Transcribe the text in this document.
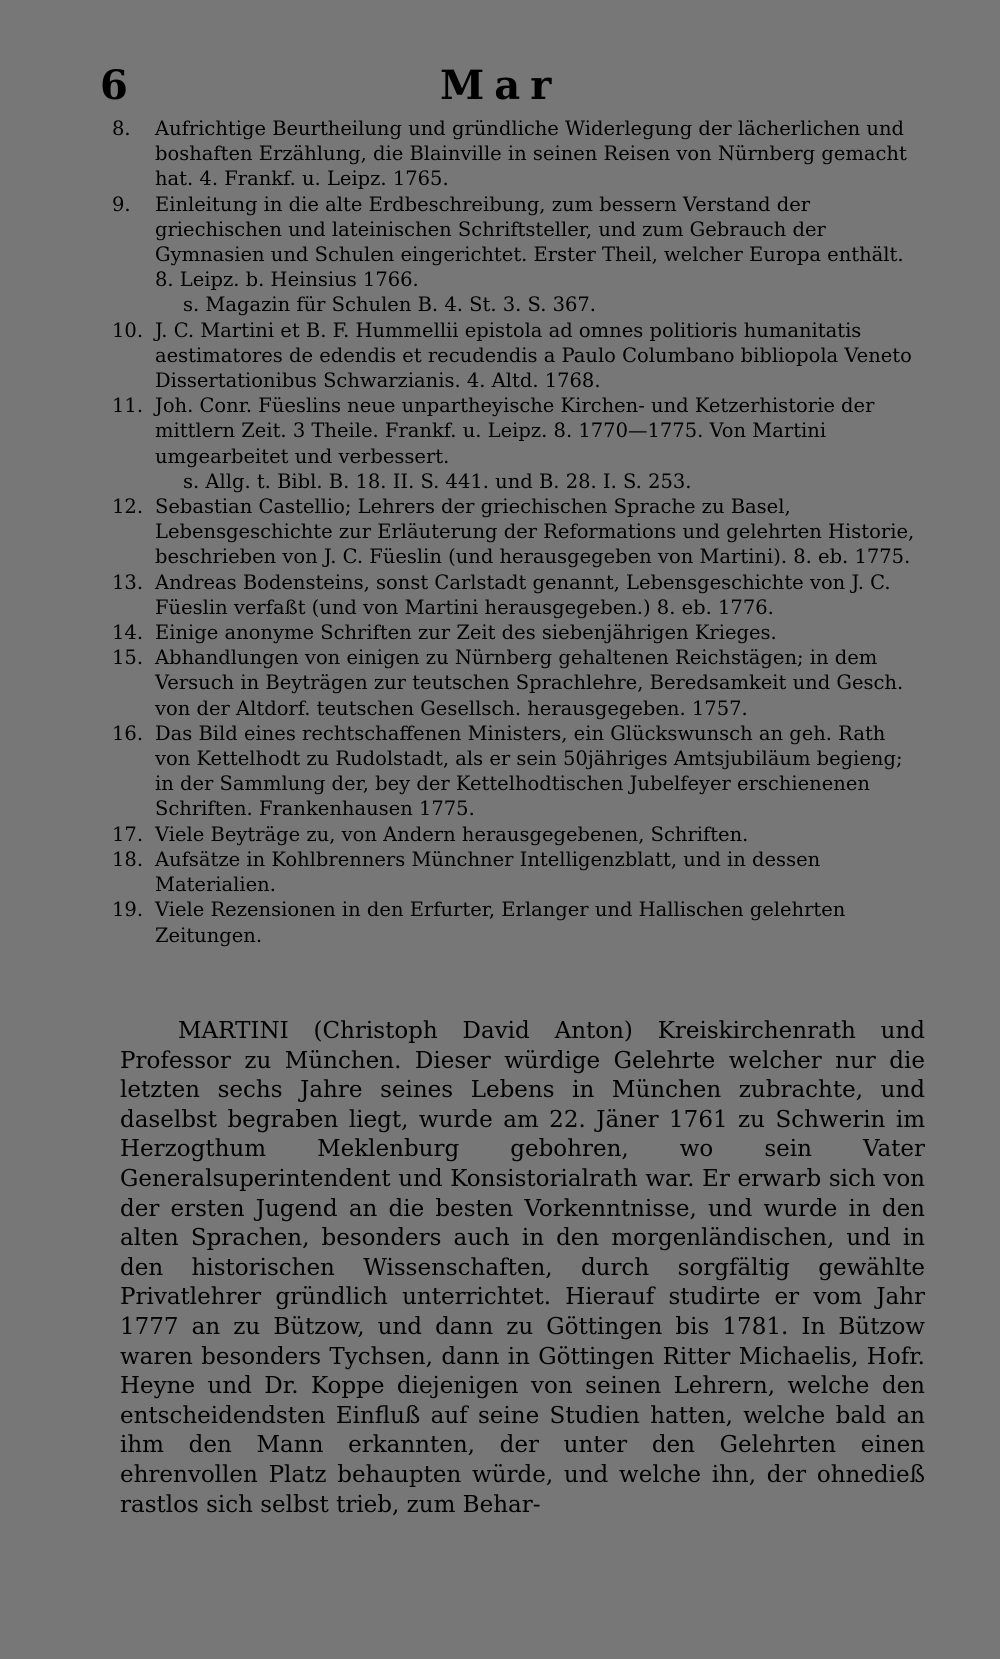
6	Mar
8.	Aufrichtige Beurtheilung und gründliche Widerlegung der lächerlichen und boshaften Erzählung, die Blainville in seinen Reisen von Nürnberg gemacht hat. 4. Frankf. u. Leipz. 1765.
9.	Einleitung in die alte Erdbeschreibung, zum bessern Verstand der griechischen und lateinischen Schriftsteller, und zum Gebrauch der Gymnasien und Schulen eingerichtet. Erster Theil, welcher Europa enthält. 8. Leipz. b. Heinsius 1766.
s. Magazin für Schulen B. 4. St. 3. S. 367.
10. J. C. Martini et B. F. Hummellii epistola ad omnes politioris humanitatis aestimatores de edendis et recudendis a Paulo Columbano bibliopola Veneto Dissertationibus Schwarzianis. 4. Altd. 1768.
11. Joh. Conr. Füeslins neue unpartheyische Kirchen- und Ketzerhistorie der mittlern Zeit. 3 Theile. Frankf. u. Leipz. 8. 1770—1775. Von Martini umgearbeitet und verbessert.
s. Allg. t. Bibl. B. 18. II. S. 441. und B. 28. I. S. 253.
12. Sebastian Castellio; Lehrers der griechischen Sprache zu Basel, Lebensgeschichte zur Erläuterung der Reformations und gelehrten Historie, beschrieben von J. C. Füeslin (und herausgegeben von Martini). 8. eb. 1775.
13. Andreas Bodensteins, sonst Carlstadt genannt, Lebensgeschichte von J. C. Füeslin verfaßt (und von Martini herausgegeben.) 8. eb. 1776.
14. Einige anonyme Schriften zur Zeit des siebenjährigen Krieges.
15. Abhandlungen von einigen zu Nürnberg gehaltenen Reichstägen; in dem Versuch in Beyträgen zur teutschen Sprachlehre, Beredsamkeit und Gesch. von der Altdorf. teutschen Gesellsch. herausgegeben. 1757.
16. Das Bild eines rechtschaffenen Ministers, ein Glückswunsch an geh. Rath von Kettelhodt zu Rudolstadt, als er sein 50jähriges Amtsjubiläum begieng; in der Sammlung der, bey der Kettelhodtischen Jubelfeyer erschienenen Schriften. Frankenhausen 1775.
17. Viele Beyträge zu, von Andern herausgegebenen, Schriften.
18. Aufsätze in Kohlbrenners Münchner Intelligenzblatt, und in dessen Materialien.
19. Viele Rezensionen in den Erfurter, Erlanger und Hallischen gelehrten Zeitungen.

MARTINI (Christoph David Anton) Kreiskirchenrath und Professor zu München. Dieser würdige Gelehrte welcher nur die letzten sechs Jahre seines Lebens in München zubrachte, und daselbst begraben liegt, wurde am 22. Jäner 1761 zu Schwerin im Herzogthum Meklenburg gebohren, wo sein Vater Generalsuperintendent und Konsistorialrath war. Er erwarb sich von der ersten Jugend an die besten Vorkenntnisse, und wurde in den alten Sprachen, besonders auch in den morgenländischen, und in den historischen Wissenschaften, durch sorgfältig gewählte Privatlehrer gründlich unterrichtet. Hierauf studirte er vom Jahr 1777 an zu Bützow, und dann zu Göttingen bis 1781. In Bützow waren besonders Tychsen, dann in Göttingen Ritter Michaelis, Hofr. Heyne und Dr. Koppe diejenigen von seinen Lehrern, welche den entscheidendsten Einfluß auf seine Studien hatten, welche bald an ihm den Mann erkannten, der unter den Gelehrten einen ehrenvollen Platz behaupten würde, und welche ihn, der ohnedieß rastlos sich selbst trieb, zum Behar-
